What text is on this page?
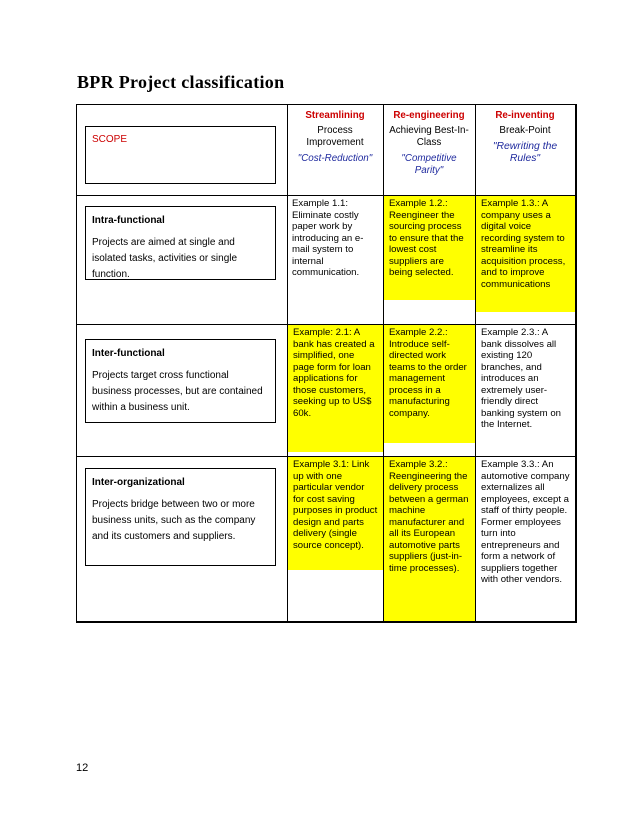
BPR Project classification
SCOPE
Streamlining
Process Improvement
"Cost-Reduction"
Re-engineering
Achieving Best-In-Class
"Competitive Parity"
Re-inventing
Break-Point
"Rewriting the Rules"
Intra-functional
Projects are aimed at single and isolated tasks, activities or single function.

Example 1.1: Eliminate costly paper work by introducing an e-mail system to internal communication.

Example 1.2.: Reengineer the sourcing process to ensure that the lowest cost suppliers are being selected.

Example 1.3.: A company uses a digital voice recording system to streamline its acquisition process, and to improve communications

Inter-functional
Projects target cross functional business processes, but are contained within a business unit.

Example: 2.1: A bank has created a simplified, one page form for loan applications for those customers, seeking up to US$ 60k.

Example 2.2.: Introduce self-directed work teams to the order management process in a manufacturing company.

Example 2.3.: A bank dissolves all existing 120 branches, and introduces an extremely user-friendly direct banking system on the Internet.

Inter-organizational
Projects bridge between two or more business units, such as the company and its customers and suppliers.

Example 3.1: Link up with one particular vendor for cost saving purposes in product design and parts delivery (single source concept).

Example 3.2.: Reengineering the delivery process between a german machine manufacturer and all its European automotive parts suppliers (just-in-time processes).

Example 3.3.: An automotive company externalizes all employees, except a staff of thirty people. Former employees turn into entrepreneurs and form a network of suppliers together with other vendors.

12
